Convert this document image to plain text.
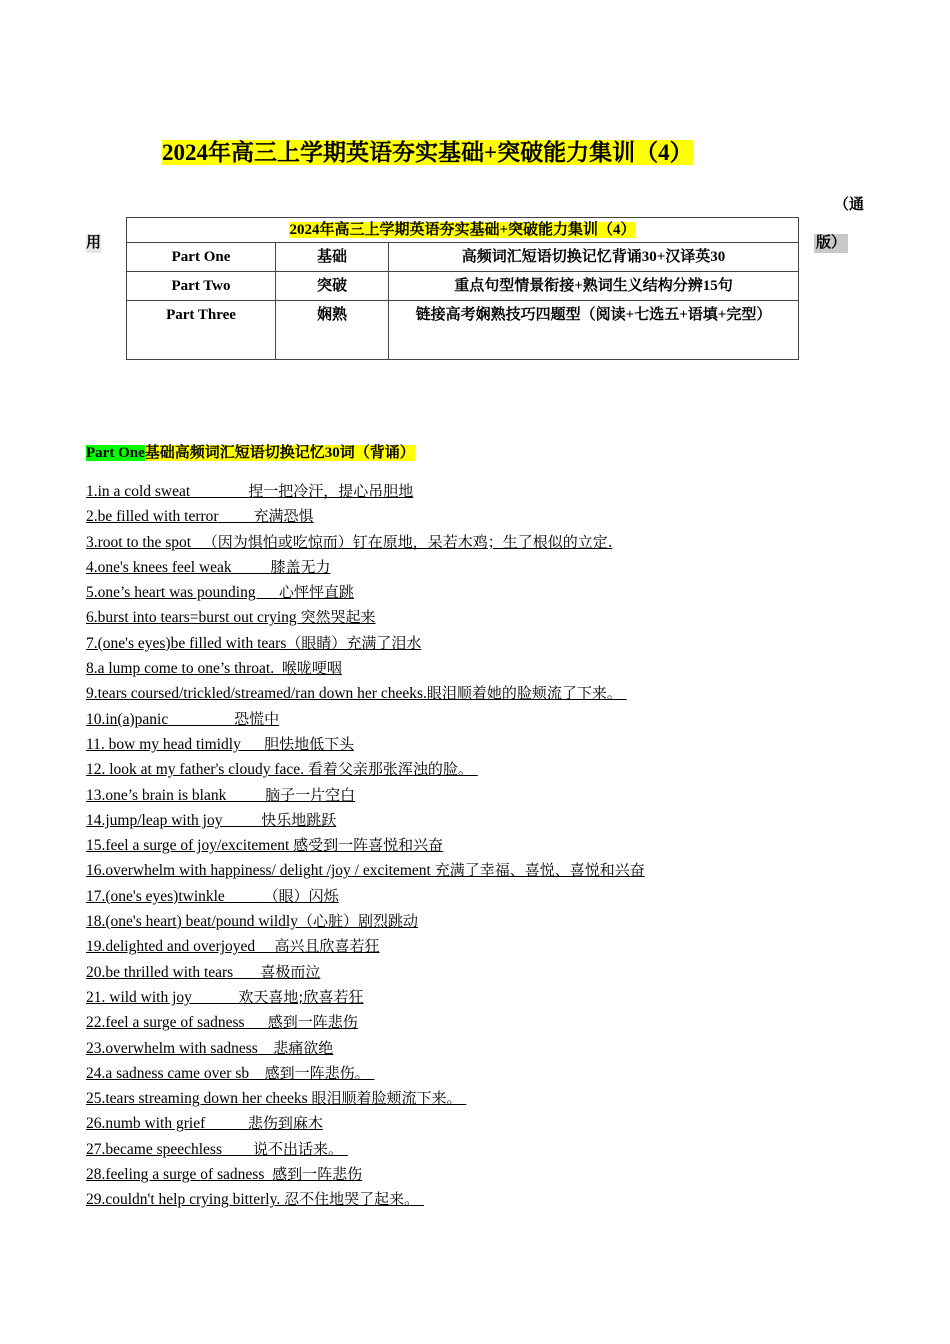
2024年高三上学期英语夯实基础+突破能力集训（4）
（通
用	版）
2024年高三上学期英语夯实基础+突破能力集训（4）		
Part One	基础	高频词汇短语切换记忆背诵30+汉译英30
Part Two	突破	重点句型情景衔接+熟词生义结构分辨15句
Part Three	娴熟	链接高考娴熟技巧四题型（阅读+七选五+语填+完型）
Part One基础高频词汇短语切换记忆30词（背诵）
1.in a cold sweat               捏一把冷汗，提心吊胆地
2.be filled with terror         充满恐惧
3.root to the spot   （因为惧怕或吃惊而）钉在原地，呆若木鸡；生了根似的立定.
4.one's knees feel weak          膝盖无力
5.one’s heart was pounding      心怦怦直跳
6.burst into tears=burst out crying 突然哭起来
7.(one's eyes)be filled with tears（眼睛）充满了泪水
8.a lump come to one’s throat.  喉咙哽咽
9.tears coursed/trickled/streamed/ran down her cheeks.眼泪顺着她的脸颊流了下来。
10.in(a)panic                 恐慌中
11. bow my head timidly      胆怯地低下头
12. look at my father's cloudy face. 看着父亲那张浑浊的脸。
13.one’s brain is blank          脑子一片空白
14.jump/leap with joy          快乐地跳跃
15.feel a surge of joy/excitement 感受到一阵喜悦和兴奋
16.overwhelm with happiness/ delight /joy / excitement 充满了幸福、喜悦、喜悦和兴奋
17.(one's eyes)twinkle          （眼）闪烁
18.(one's heart) beat/pound wildly（心脏）剧烈跳动
19.delighted and overjoyed     高兴且欣喜若狂
20.be thrilled with tears       喜极而泣
21. wild with joy            欢天喜地;欣喜若狂
22.feel a surge of sadness      感到一阵悲伤
23.overwhelm with sadness    悲痛欲绝
24.a sadness came over sb    感到一阵悲伤。
25.tears streaming down her cheeks 眼泪顺着脸颊流下来。
26.numb with grief           悲伤到麻木
27.became speechless        说不出话来。
28.feeling a surge of sadness  感到一阵悲伤
29.couldn't help crying bitterly. 忍不住地哭了起来。
